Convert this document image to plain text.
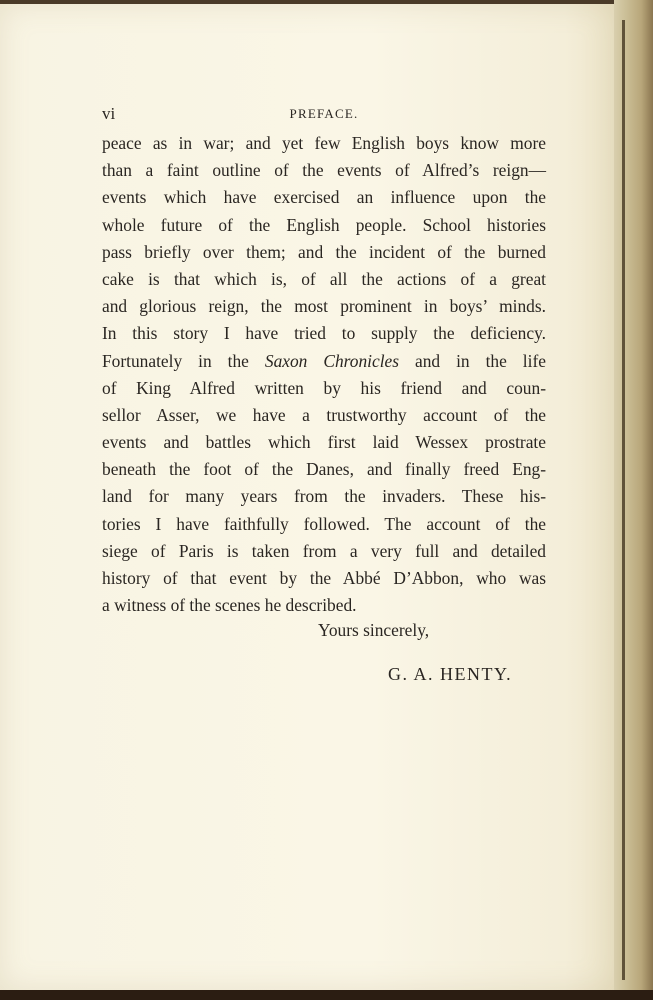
vi	PREFACE.
peace as in war; and yet few English boys know more
than a faint outline of the events of Alfred’s reign—
events which have exercised an influence upon the
whole future of the English people. School histories
pass briefly over them; and the incident of the burned
cake is that which is, of all the actions of a great
and glorious reign, the most prominent in boys’ minds.
In this story I have tried to supply the deficiency.
Fortunately in the Saxon Chronicles and in the life
of King Alfred written by his friend and coun-
sellor Asser, we have a trustworthy account of the
events and battles which first laid Wessex prostrate
beneath the foot of the Danes, and finally freed Eng-
land for many years from the invaders. These his-
tories I have faithfully followed. The account of the
siege of Paris is taken from a very full and detailed
history of that event by the Abbé D’Abbon, who was
a witness of the scenes he described.
Yours sincerely,
G. A. HENTY.
